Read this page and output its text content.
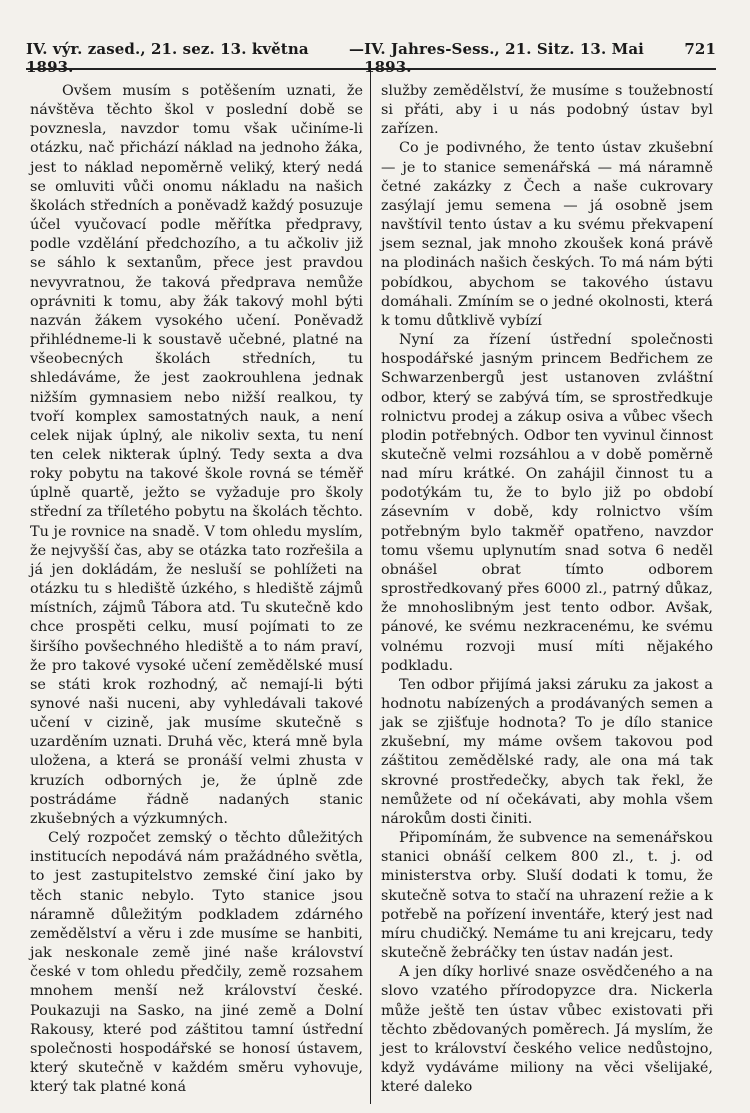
IV. výr. zased., 21. sez. 13. května 1893.
— IV. Jahres-Sess., 21. Sitz. 13. Mai 1893.
721

Ovšem musím s potěšením uznati, že návštěva těchto škol v poslední době se povznesla, navzdor tomu však učiníme-li otázku, nač přichází náklad na jednoho žáka, jest to náklad nepoměrně veliký, který nedá se omluviti vůči onomu nákladu na našich školách středních a poněvadž každý posuzuje účel vyučovací podle měřítka předpravy, podle vzdělání předchozího, a tu ačkoliv již se sáhlo k sextanům, přece jest pravdou nevyvratnou, že taková předprava nemůže oprávniti k tomu, aby žák takový mohl býti nazván žákem vysokého učení. Poněvadž přihlédneme-li k soustavě učebné, platné na všeobecných školách středních, tu shledáváme, že jest zaokrouhlena jednak nižším gymnasiem nebo nižší realkou, ty tvoří komplex samostatných nauk, a není celek nijak úplný, ale nikoliv sexta, tu není ten celek nikterak úplný. Tedy sexta a dva roky pobytu na takové škole rovná se téměř úplně quartě, ježto se vyžaduje pro školy střední za tříletého pobytu na školách těchto. Tu je rovnice na snadě. V tom ohledu myslím, že nejvyšší čas, aby se otázka tato rozřešila a já jen dokládám, že nesluší se pohlížeti na otázku tu s hlediště úzkého, s hlediště zájmů místních, zájmů Tábora atd. Tu skutečně kdo chce prospěti celku, musí pojímati to ze širšího povšechného hlediště a to nám praví, že pro takové vysoké učení zemědělské musí se státi krok rozhodný, ač nemají-li býti synové naši nuceni, aby vyhledávali takové učení v cizině, jak musíme skutečně s uzarděním uznati. Druhá věc, která mně byla uložena, a která se pronáší velmi zhusta v kruzích odborných je, že úplně zde postrádáme řádně nadaných stanic zkušebných a výzkumných.

Celý rozpočet zemský o těchto důležitých institucích nepodává nám pražádného světla, to jest zastupitelstvo zemské činí jako by těch stanic nebylo. Tyto stanice jsou náramně důležitým podkladem zdárného zemědělství a věru i zde musíme se hanbiti, jak neskonale země jiné naše království české v tom ohledu předčily, země rozsahem mnohem menší než království české. Poukazuji na Sasko, na jiné země a Dolní Rakousy, které pod záštitou tamní ústřední společnosti hospodářské se honosí ústavem, který skutečně v každém směru vyhovuje, který tak platné koná

služby zemědělství, že musíme s toužebností si přáti, aby i u nás podobný ústav byl zařízen.

Co je podivného, že tento ústav zkušební — je to stanice semenářská — má náramně četné zakázky z Čech a naše cukrovary zasýlají jemu semena — já osobně jsem navštívil tento ústav a ku svému překvapení jsem seznal, jak mnoho zkoušek koná právě na plodinách našich českých. To má nám býti pobídkou, abychom se takového ústavu domáhali. Zmíním se o jedné okolnosti, která k tomu důtklivě vybízí

Nyní za řízení ústřední společnosti hospodářské jasným princem Bedřichem ze Schwarzenbergů jest ustanoven zvláštní odbor, který se zabývá tím, se sprostředkuje rolnictvu prodej a zákup osiva a vůbec všech plodin potřebných. Odbor ten vyvinul činnost skutečně velmi rozsáhlou a v době poměrně nad míru krátké. On zahájil činnost tu a podotýkám tu, že to bylo již po období zásevním v době, kdy rolnictvo vším potřebným bylo takměř opatřeno, navzdor tomu všemu uplynutím snad sotva 6 neděl obnášel obrat tímto odborem sprostředkovaný přes 6000 zl., patrný důkaz, že mnohoslibným jest tento odbor. Avšak, pánové, ke svému nezkracenému, ke svému volnému rozvoji musí míti nějakého podkladu.

Ten odbor přijímá jaksi záruku za jakost a hodnotu nabízených a prodávaných semen a jak se zjišťuje hodnota? To je dílo stanice zkušební, my máme ovšem takovou pod záštitou zemědělské rady, ale ona má tak skrovné prostředečky, abych tak řekl, že nemůžete od ní očekávati, aby mohla všem nárokům dosti činiti.

Připomínám, že subvence na semenářskou stanici obnáší celkem 800 zl., t. j. od ministerstva orby. Sluší dodati k tomu, že skutečně sotva to stačí na uhrazení režie a k potřebě na pořízení inventáře, který jest nad míru chudičký. Nemáme tu ani krejcaru, tedy skutečně žebráčky ten ústav nadán jest.

A jen díky horlivé snaze osvědčeného a na slovo vzatého přírodopyzce dra. Nickerla může ještě ten ústav vůbec existovati při těchto zbědovaných poměrech. Já myslím, že jest to království českého velice nedůstojno, když vydáváme miliony na věci všelijaké, které daleko
